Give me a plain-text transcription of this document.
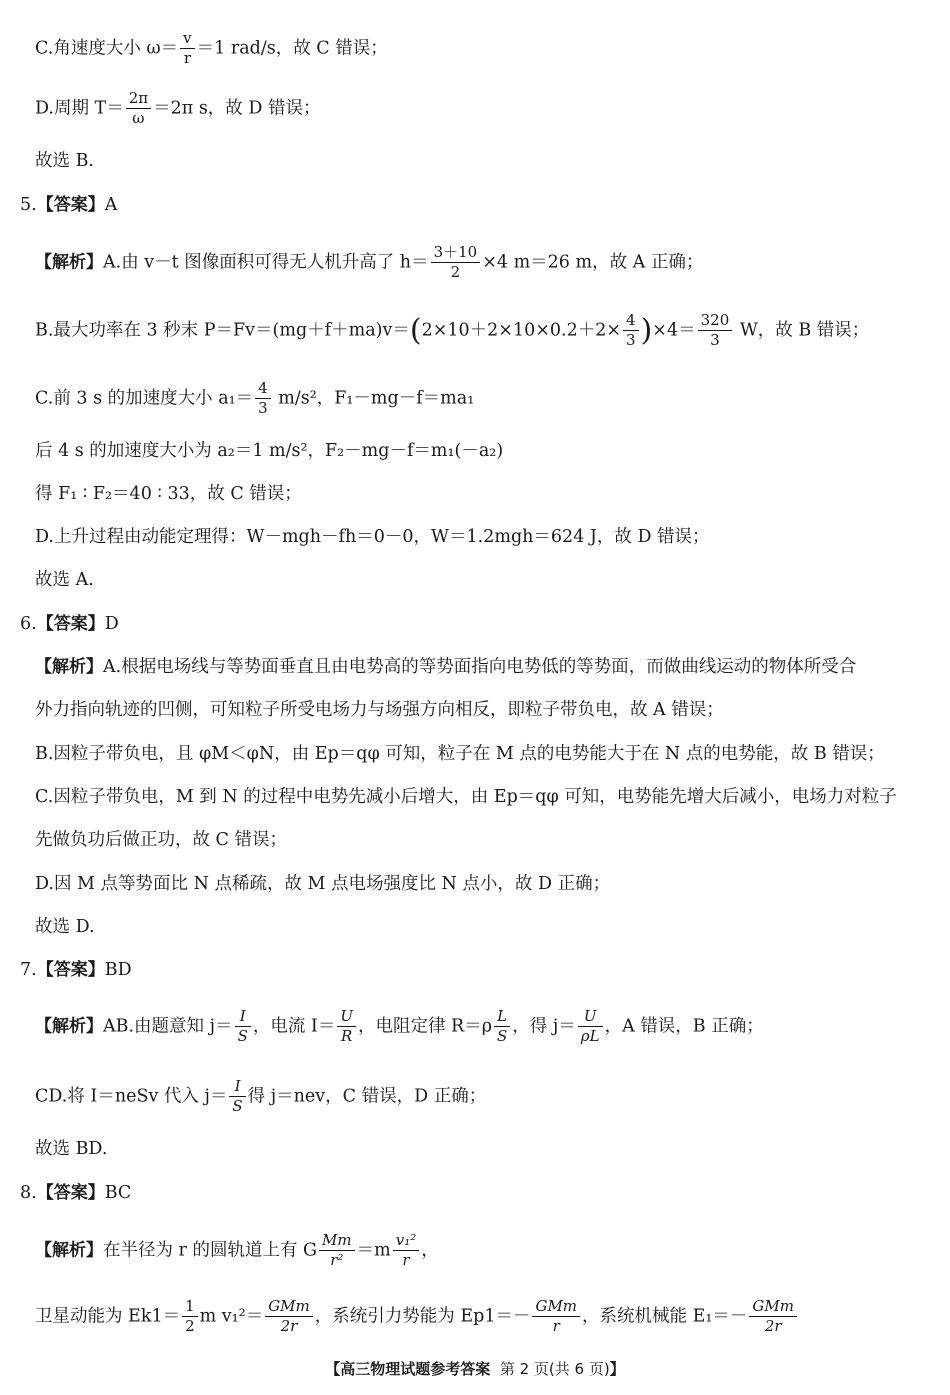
C.角速度大小 $\omega= \frac{v}{r} =1$ rad/s，故 C 错误；
D.周期 $T= \frac{2\pi}{\omega} =2\pi$ s，故 D 错误；
故选 B.
5.【答案】A
【解析】A.由 v－t 图像面积可得无人机升高了 $h= \frac{3+10}{2} \times 4$ m＝26 m，故 A 正确；
B.最大功率在 3 秒末 $P=Fv=(mg+f+ma)v=(2\times 10+2\times 10\times 0.2+2\times \frac{4}{3} )\times 4= \frac{320}{3}$ W，故 B 错误；
C.前 3 s 的加速度大小 $a_1= \frac{4}{3} m/s^2$，F₁－mg－f＝ma₁
后 4 s 的加速度大小为 a₂＝1 m/s²，F₂－mg－f＝m₁(－a₂)
得 F₁ ∶ F₂＝40 ∶ 33，故 C 错误；
D.上升过程由动能定理得：W－mgh－fh＝0－0，W＝1.2mgh＝624 J，故 D 错误；
故选 A.
6.【答案】D
【解析】A.根据电场线与等势面垂直且由电势高的等势面指向电势低的等势面，而做曲线运动的物体所受合
外力指向轨迹的凹侧，可知粒子所受电场力与场强方向相反，即粒子带负电，故 A 错误；
B.因粒子带负电，且 φM＜φN，由 Ep＝qφ 可知，粒子在 M 点的电势能大于在 N 点的电势能，故 B 错误；
C.因粒子带负电，M 到 N 的过程中电势先减小后增大，由 Ep＝qφ 可知，电势能先增大后减小，电场力对粒子
先做负功后做正功，故 C 错误；
D.因 M 点等势面比 N 点稀疏，故 M 点电场强度比 N 点小，故 D 正确；
故选 D.
7.【答案】BD
【解析】AB.由题意知 $j= \frac{I}{S}$ ，电流 $I= \frac{U}{R}$ ，电阻定律 $R=\rho \frac{L}{S}$ ，得 $j= \frac{U}{\rho L}$ ，A 错误，B 正确；
CD.将 I＝neSv 代入 $j= \frac{I}{S}$ 得 j＝nev，C 错误，D 正确；
故选 BD.
8.【答案】BC
【解析】在半径为 r 的圆轨道上有 G $\frac{Mm}{\text{r²}} =m \frac{\text{v₁²}}{r}$ ，
卫星动能为 $Ek1= \frac{1}{2}$ m $v_1^2= \frac{\text{GMm}}{2r}$ ，系统引力势能为 $Ep1=- \frac{\text{GMm}}{r}$ ，系统机械能 $E_1=- \frac{\text{GMm}}{2r}$
【高三物理试题参考答案 第 2 页(共 6 页)】
